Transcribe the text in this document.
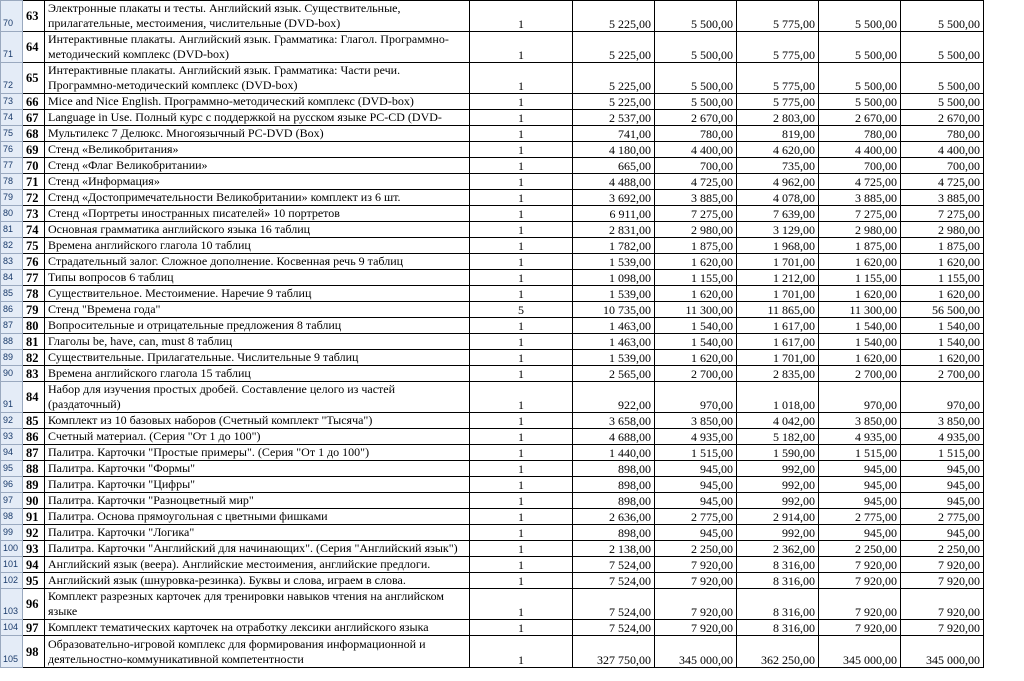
70	63	Электронные плакаты и тесты. Английский язык. Существительные, прилагательные, местоимения, числительные (DVD-box)	1	5 225,00	5 500,00	5 775,00	5 500,00	5 500,00
71	64	Интерактивные плакаты. Английский язык. Грамматика: Глагол. Программно-методический комплекс (DVD-box)	1	5 225,00	5 500,00	5 775,00	5 500,00	5 500,00
72	65	Интерактивные плакаты. Английский язык. Грамматика: Части речи. Программно-методический комплекс (DVD-box)	1	5 225,00	5 500,00	5 775,00	5 500,00	5 500,00
73	66	Mice and Nice English. Программно-методический комплекс (DVD-box)	1	5 225,00	5 500,00	5 775,00	5 500,00	5 500,00
74	67	Language in Use. Полный курс с поддержкой на русском языке PC-CD (DVD-	1	2 537,00	2 670,00	2 803,00	2 670,00	2 670,00
75	68	Мультилекс 7 Делюкс. Многоязычный PC-DVD (Box)	1	741,00	780,00	819,00	780,00	780,00
76	69	Стенд «Великобритания»	1	4 180,00	4 400,00	4 620,00	4 400,00	4 400,00
77	70	Стенд «Флаг Великобритании»	1	665,00	700,00	735,00	700,00	700,00
78	71	Стенд «Информация»	1	4 488,00	4 725,00	4 962,00	4 725,00	4 725,00
79	72	Стенд «Достопримечательности Великобритании» комплект из 6 шт.	1	3 692,00	3 885,00	4 078,00	3 885,00	3 885,00
80	73	Стенд «Портреты иностранных писателей» 10 портретов	1	6 911,00	7 275,00	7 639,00	7 275,00	7 275,00
81	74	Основная грамматика английского языка 16 таблиц	1	2 831,00	2 980,00	3 129,00	2 980,00	2 980,00
82	75	Времена английского глагола 10 таблиц	1	1 782,00	1 875,00	1 968,00	1 875,00	1 875,00
83	76	Страдательный залог. Сложное дополнение. Косвенная речь 9 таблиц	1	1 539,00	1 620,00	1 701,00	1 620,00	1 620,00
84	77	Типы вопросов 6 таблиц	1	1 098,00	1 155,00	1 212,00	1 155,00	1 155,00
85	78	Существительное. Местоимение. Наречие 9 таблиц	1	1 539,00	1 620,00	1 701,00	1 620,00	1 620,00
86	79	Стенд "Времена года"	5	10 735,00	11 300,00	11 865,00	11 300,00	56 500,00
87	80	Вопросительные и отрицательные предложения 8 таблиц	1	1 463,00	1 540,00	1 617,00	1 540,00	1 540,00
88	81	Глаголы be, have, can, must 8 таблиц	1	1 463,00	1 540,00	1 617,00	1 540,00	1 540,00
89	82	Существительные. Прилагательные. Числительные 9 таблиц	1	1 539,00	1 620,00	1 701,00	1 620,00	1 620,00
90	83	Времена английского глагола 15 таблиц	1	2 565,00	2 700,00	2 835,00	2 700,00	2 700,00
91	84	Набор для изучения простых дробей. Составление целого из частей (раздаточный)	1	922,00	970,00	1 018,00	970,00	970,00
92	85	Комплект из 10 базовых наборов (Счетный комплект "Тысяча")	1	3 658,00	3 850,00	4 042,00	3 850,00	3 850,00
93	86	Счетный материал. (Серия "От 1 до 100")	1	4 688,00	4 935,00	5 182,00	4 935,00	4 935,00
94	87	Палитра. Карточки "Простые примеры". (Серия "От 1 до 100")	1	1 440,00	1 515,00	1 590,00	1 515,00	1 515,00
95	88	Палитра. Карточки "Формы"	1	898,00	945,00	992,00	945,00	945,00
96	89	Палитра. Карточки "Цифры"	1	898,00	945,00	992,00	945,00	945,00
97	90	Палитра. Карточки "Разноцветный мир"	1	898,00	945,00	992,00	945,00	945,00
98	91	Палитра. Основа прямоугольная с цветными фишками	1	2 636,00	2 775,00	2 914,00	2 775,00	2 775,00
99	92	Палитра. Карточки "Логика"	1	898,00	945,00	992,00	945,00	945,00
100	93	Палитра. Карточки "Английский для начинающих". (Серия "Английский язык")	1	2 138,00	2 250,00	2 362,00	2 250,00	2 250,00
101	94	Английский язык (веера). Английские местоимения, английские предлоги.	1	7 524,00	7 920,00	8 316,00	7 920,00	7 920,00
102	95	Английский язык (шнуровка-резинка). Буквы и слова, играем в слова.	1	7 524,00	7 920,00	8 316,00	7 920,00	7 920,00
103	96	Комплект разрезных карточек для тренировки навыков чтения на английском языке	1	7 524,00	7 920,00	8 316,00	7 920,00	7 920,00
104	97	Комплект тематических карточек на отработку лексики английского языка	1	7 524,00	7 920,00	8 316,00	7 920,00	7 920,00
105	98	Образовательно-игровой комплекс для формирования информационной и деятельностно-коммуникативной компетентности	1	327 750,00	345 000,00	362 250,00	345 000,00	345 000,00
